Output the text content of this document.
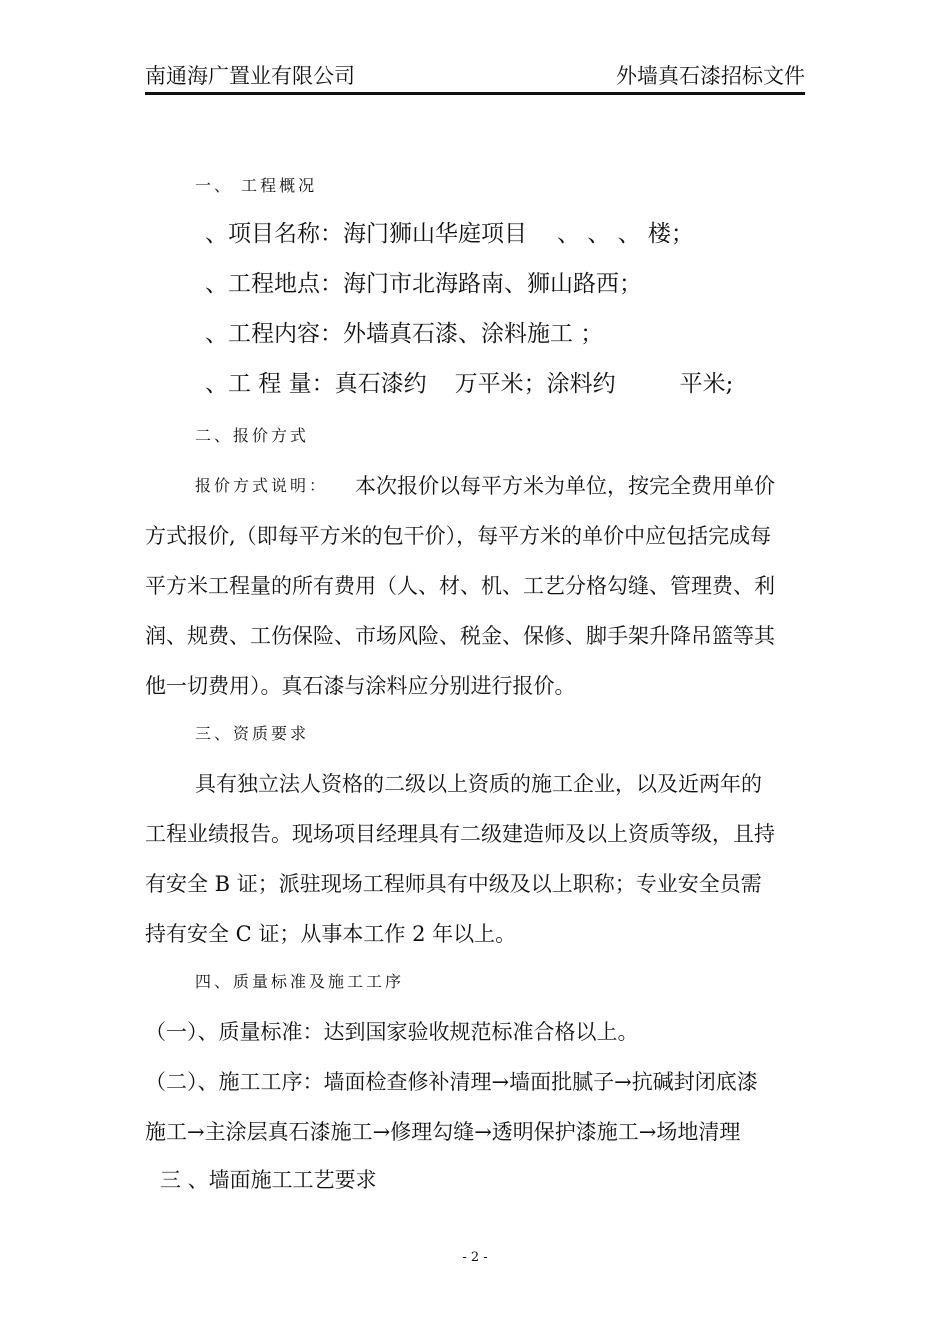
南通海广置业有限公司	外墙真石漆招标文件
一、 工程概况
、项目名称：海门狮山华庭项目 、 、 、 楼；
、工程地点：海门市北海路南、狮山路西；
、工程内容：外墙真石漆、涂料施工 ；
、工 程 量：真石漆约 万平米；涂料约	平米;
二、报价方式
报价方式说明： 本次报价以每平方米为单位，按完全费用单价
方式报价,（即每平方米的包干价），每平方米的单价中应包括完成每
平方米工程量的所有费用（人、材、机、工艺分格勾缝、管理费、利
润、规费、工伤保险、市场风险、税金、保修、脚手架升降吊篮等其
他一切费用）。真石漆与涂料应分别进行报价。
三、资质要求
具有独立法人资格的二级以上资质的施工企业，以及近两年的
工程业绩报告。现场项目经理具有二级建造师及以上资质等级，且持
有安全 B 证；派驻现场工程师具有中级及以上职称；专业安全员需
持有安全 C 证；从事本工作 2 年以上。
四、质量标准及施工工序
（一）、质量标准：达到国家验收规范标准合格以上。
（二）、施工工序：墙面检查修补清理→墙面批腻子→抗碱封闭底漆
施工→主涂层真石漆施工→修理勾缝→透明保护漆施工→场地清理
三 、墙面施工工艺要求
- 2 -
